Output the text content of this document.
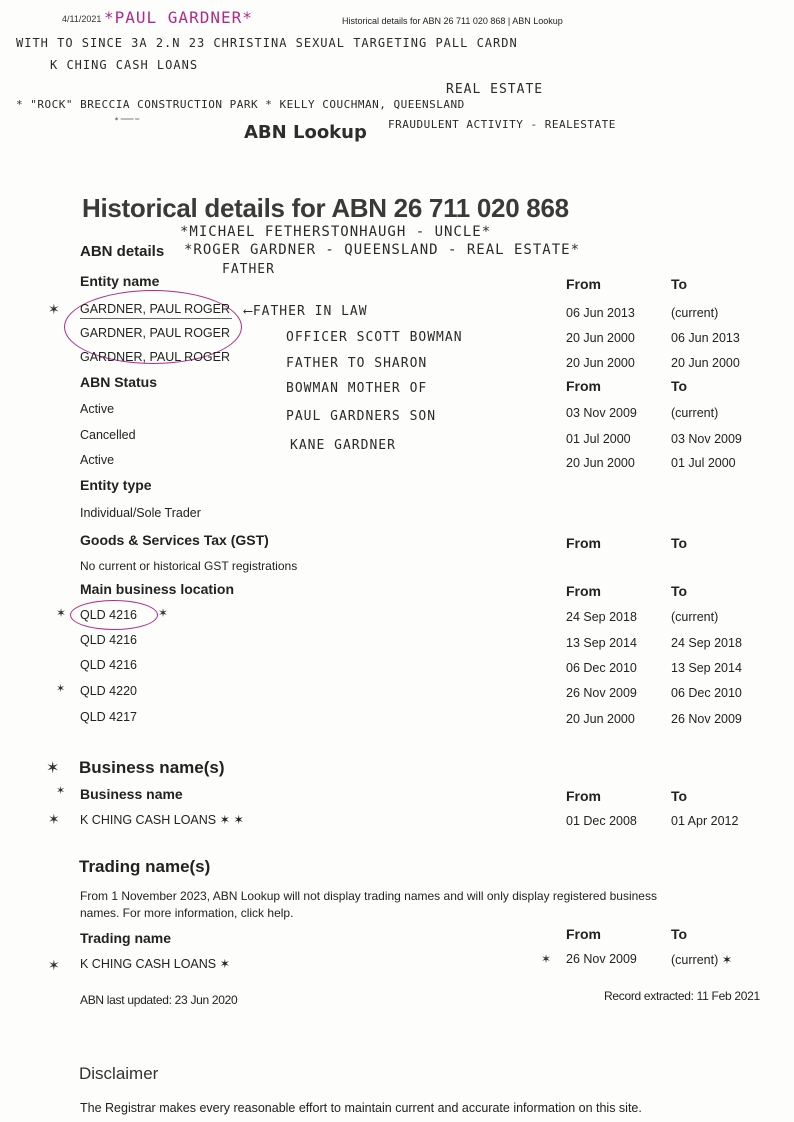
4/11/2021	Historical details for ABN 26 711 020 868 | ABN Lookup
*PAUL GARDNER*
WITH TO SINCE 3A 2.N 23 CHRISTINA SEXUAL TARGETING PALL CARDN
K CHING CASH LOANS
REAL ESTATE
* "ROCK" BRECCIA CONSTRUCTION PARK * KELLY COUCHMAN, QUEENSLAND
✶ ═══ ═
ABN Lookup FRAUDULENT ACTIVITY - REALESTATE
Historical details for ABN 26 711 020 868
*MICHAEL FETHERSTONHAUGH - UNCLE*
ABN details *ROGER GARDNER - QUEENSLAND - REAL ESTATE*
FATHER
Entity name	From	To
✶ GARDNER, PAUL ROGER	06 Jun 2013	(current)
GARDNER, PAUL ROGER	20 Jun 2000	06 Jun 2013
GARDNER, PAUL ROGER	20 Jun 2000	20 Jun 2000
⟵FATHER IN LAW
OFFICER SCOTT BOWMAN
FATHER TO SHARON
BOWMAN MOTHER OF
PAUL GARDNERS SON
KANE GARDNER
ABN Status	From	To
Active	03 Nov 2009	(current)
Cancelled	01 Jul 2000	03 Nov 2009
Active	20 Jun 2000	01 Jul 2000
Entity type
Individual/Sole Trader
Goods & Services Tax (GST)	From	To
No current or historical GST registrations
Main business location	From	To
✶	✶
QLD 4216	24 Sep 2018	(current)
QLD 4216	13 Sep 2014	24 Sep 2018
QLD 4216	06 Dec 2010	13 Sep 2014
✶ QLD 4220	26 Nov 2009	06 Dec 2010
QLD 4217	20 Jun 2000	26 Nov 2009
✶ Business name(s)
✶ Business name	From	To
✶ K CHING CASH LOANS ✶ ✶	01 Dec 2008	01 Apr 2012
Trading name(s)
From 1 November 2023, ABN Lookup will not display trading names and will only display registered business
names. For more information, click help.
Trading name	From	To
✶ K CHING CASH LOANS ✶	✶ 26 Nov 2009	(current) ✶
ABN last updated: 23 Jun 2020	Record extracted: 11 Feb 2021
Disclaimer
The Registrar makes every reasonable effort to maintain current and accurate information on this site.
